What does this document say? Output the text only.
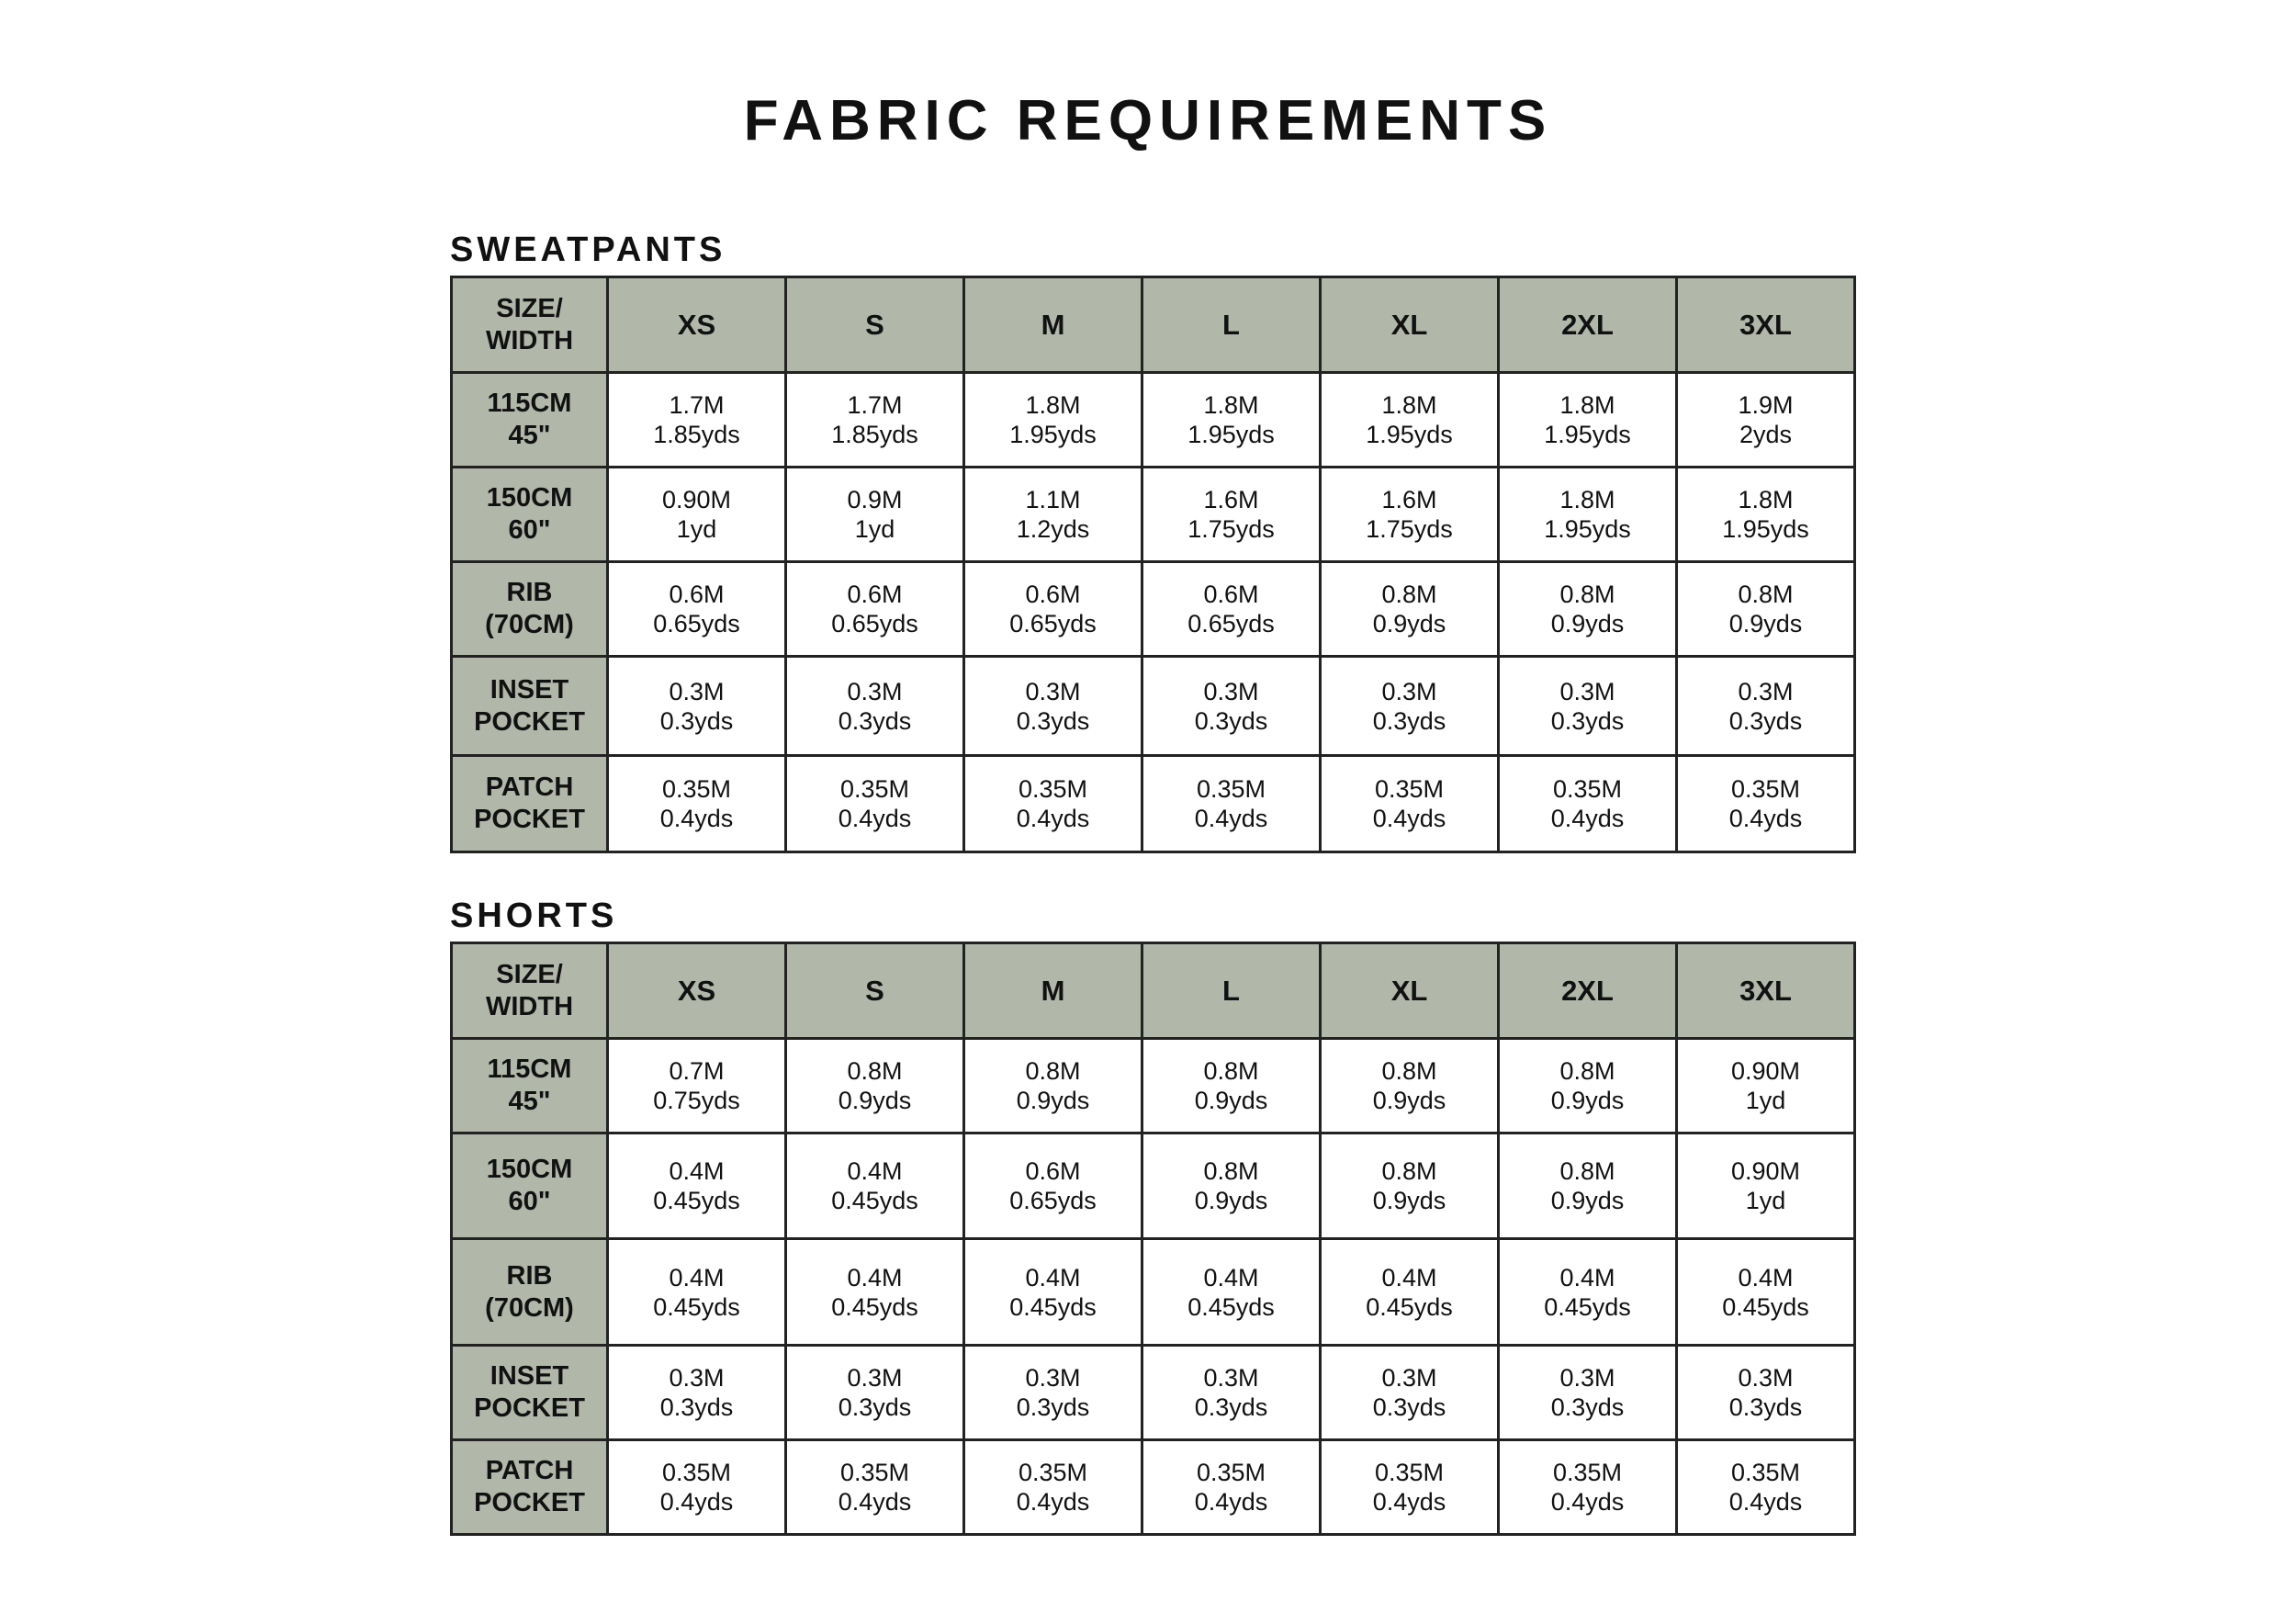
FABRIC REQUIREMENTS
SWEATPANTS
SIZE/
WIDTH	XS	S	M	L	XL	2XL	3XL

115CM
45"	1.7M
1.85yds	1.7M
1.85yds	1.8M
1.95yds	1.8M
1.95yds	1.8M
1.95yds	1.8M
1.95yds	1.9M
2yds

150CM
60"	0.90M
1yd	0.9M
1yd	1.1M
1.2yds	1.6M
1.75yds	1.6M
1.75yds	1.8M
1.95yds	1.8M
1.95yds

RIB
(70CM)	0.6M
0.65yds	0.6M
0.65yds	0.6M
0.65yds	0.6M
0.65yds	0.8M
0.9yds	0.8M
0.9yds	0.8M
0.9yds

INSET
POCKET	0.3M
0.3yds	0.3M
0.3yds	0.3M
0.3yds	0.3M
0.3yds	0.3M
0.3yds	0.3M
0.3yds	0.3M
0.3yds

PATCH
POCKET	0.35M
0.4yds	0.35M
0.4yds	0.35M
0.4yds	0.35M
0.4yds	0.35M
0.4yds	0.35M
0.4yds	0.35M
0.4yds
SHORTS
SIZE/
WIDTH	XS	S	M	L	XL	2XL	3XL

115CM
45"	0.7M
0.75yds	0.8M
0.9yds	0.8M
0.9yds	0.8M
0.9yds	0.8M
0.9yds	0.8M
0.9yds	0.90M
1yd

150CM
60"	0.4M
0.45yds	0.4M
0.45yds	0.6M
0.65yds	0.8M
0.9yds	0.8M
0.9yds	0.8M
0.9yds	0.90M
1yd

RIB
(70CM)	0.4M
0.45yds	0.4M
0.45yds	0.4M
0.45yds	0.4M
0.45yds	0.4M
0.45yds	0.4M
0.45yds	0.4M
0.45yds

INSET
POCKET	0.3M
0.3yds	0.3M
0.3yds	0.3M
0.3yds	0.3M
0.3yds	0.3M
0.3yds	0.3M
0.3yds	0.3M
0.3yds

PATCH
POCKET	0.35M
0.4yds	0.35M
0.4yds	0.35M
0.4yds	0.35M
0.4yds	0.35M
0.4yds	0.35M
0.4yds	0.35M
0.4yds
